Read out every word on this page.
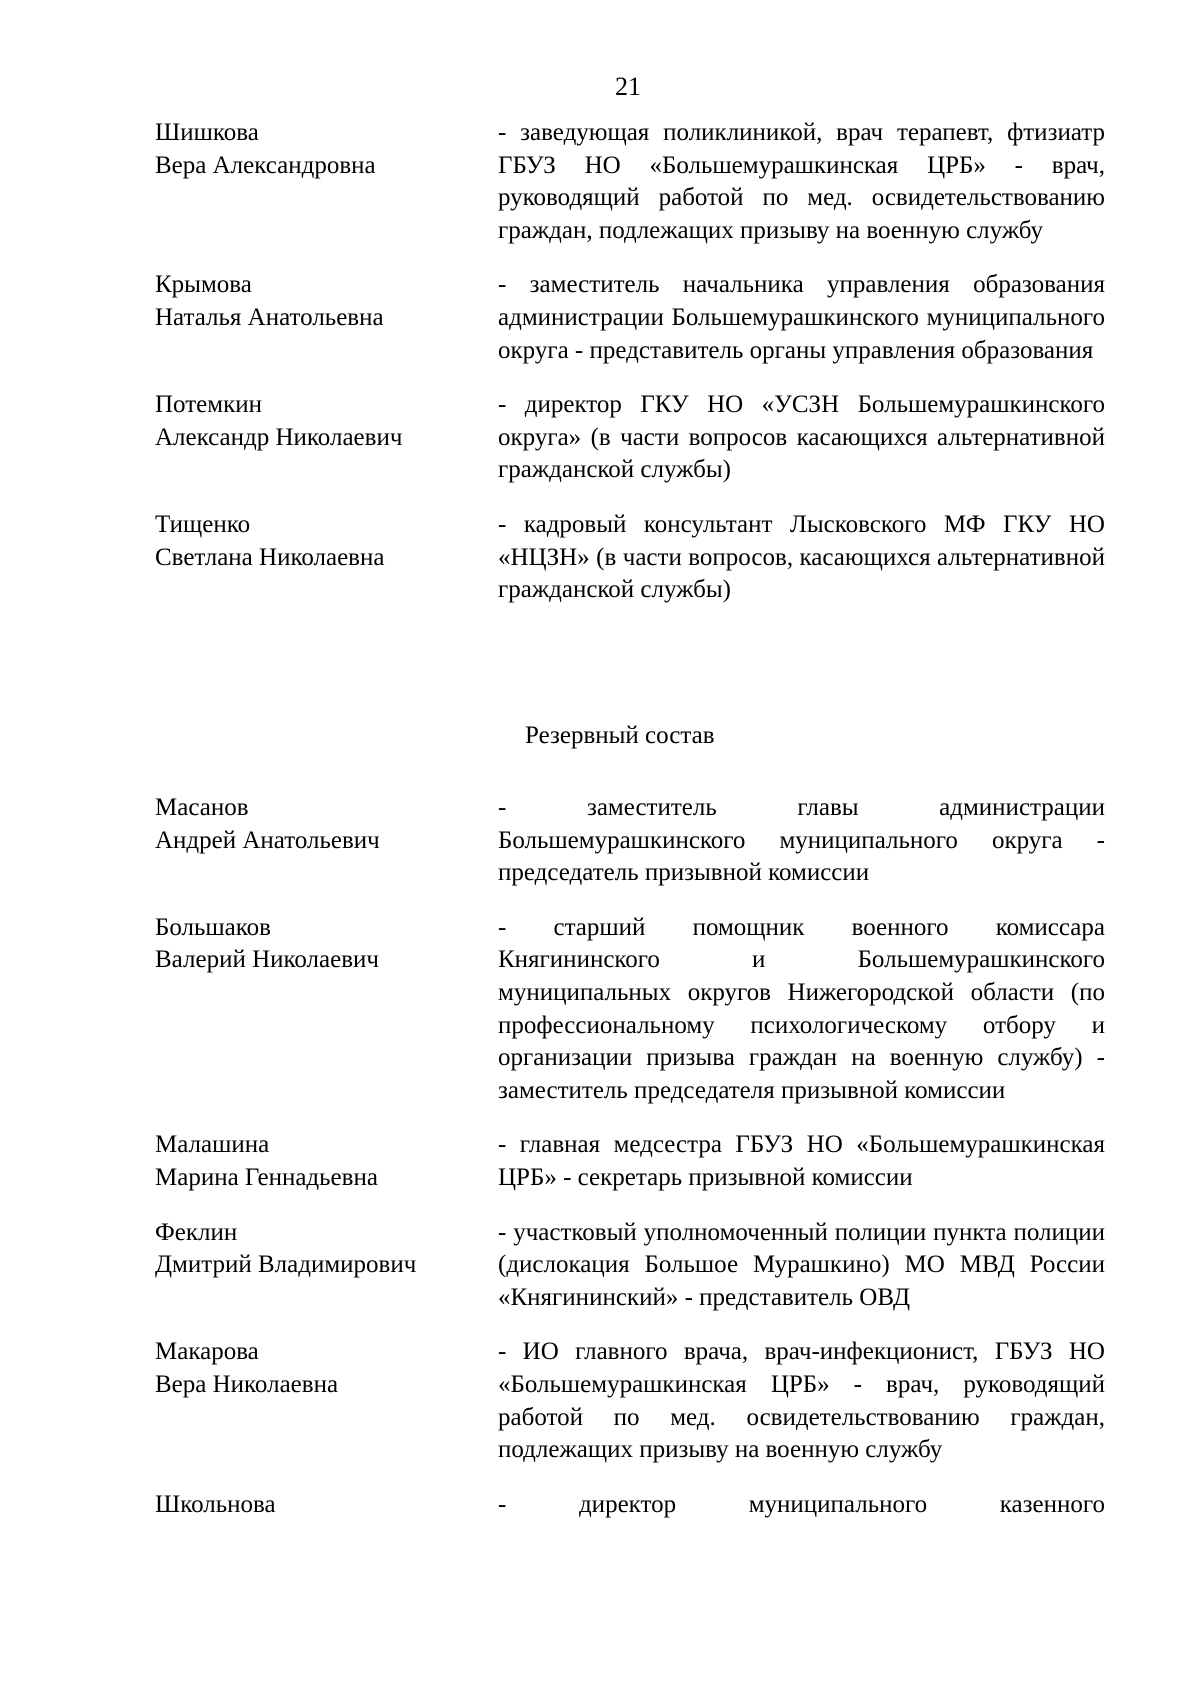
21
Шишкова
Вера Александровна
- заведующая поликлиникой, врач терапевт, фтизиатр ГБУЗ НО «Большемурашкинская ЦРБ» - врач, руководящий работой по мед. освидетельствованию граждан, подлежащих призыву на военную службу
Крымова
Наталья Анатольевна
- заместитель начальника управления образования администрации Большемурашкинского муниципального округа - представитель органы управления образования
Потемкин
Александр Николаевич
- директор ГКУ НО «УСЗН Большемурашкинского округа» (в части вопросов касающихся альтернативной гражданской службы)
Тищенко
Светлана Николаевна
- кадровый консультант Лысковского МФ ГКУ НО «НЦЗН» (в части вопросов, касающихся альтернативной гражданской службы)
Резервный состав
Масанов
Андрей Анатольевич
- заместитель главы администрации Большемурашкинского муниципального округа - председатель призывной комиссии
Большаков
Валерий Николаевич
- старший помощник военного комиссара Княгининского и Большемурашкинского муниципальных округов Нижегородской области (по профессиональному психологическому отбору и организации призыва граждан на военную службу) - заместитель председателя призывной комиссии
Малашина
Марина Геннадьевна
- главная медсестра ГБУЗ НО «Большемурашкинская ЦРБ» - секретарь призывной комиссии
Феклин
Дмитрий Владимирович
- участковый уполномоченный полиции пункта полиции (дислокация Большое Мурашкино) МО МВД России «Княгининский» - представитель ОВД
Макарова
Вера Николаевна
- ИО главного врача, врач-инфекционист, ГБУЗ НО «Большемурашкинская ЦРБ» - врач, руководящий работой по мед. освидетельствованию граждан, подлежащих призыву на военную службу
Школьнова	- директор муниципального казенного
